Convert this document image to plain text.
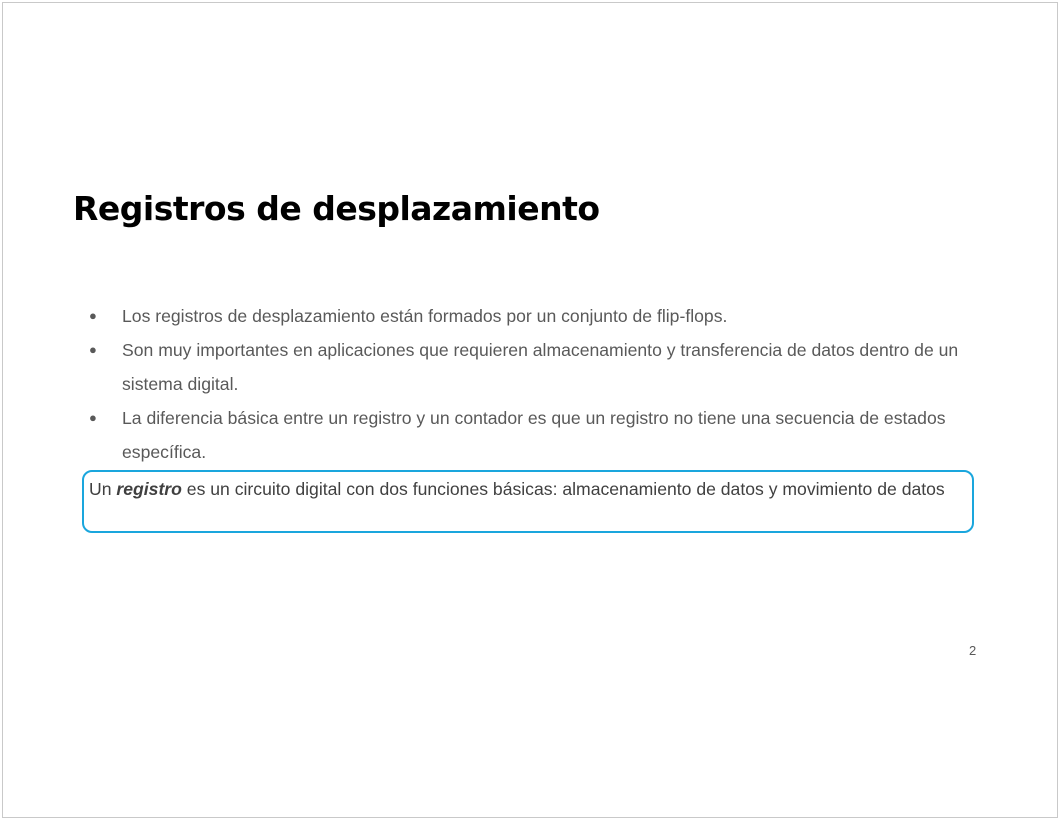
Registros de desplazamiento
● Los registros de desplazamiento están formados por un conjunto de flip-flops.
● Son muy importantes en aplicaciones que requieren almacenamiento y transferencia de datos dentro de un sistema digital.
● La diferencia básica entre un registro y un contador es que un registro no tiene una secuencia de estados específica.

Un registro es un circuito digital con dos funciones básicas: almacenamiento de datos y movimiento de datos

2
